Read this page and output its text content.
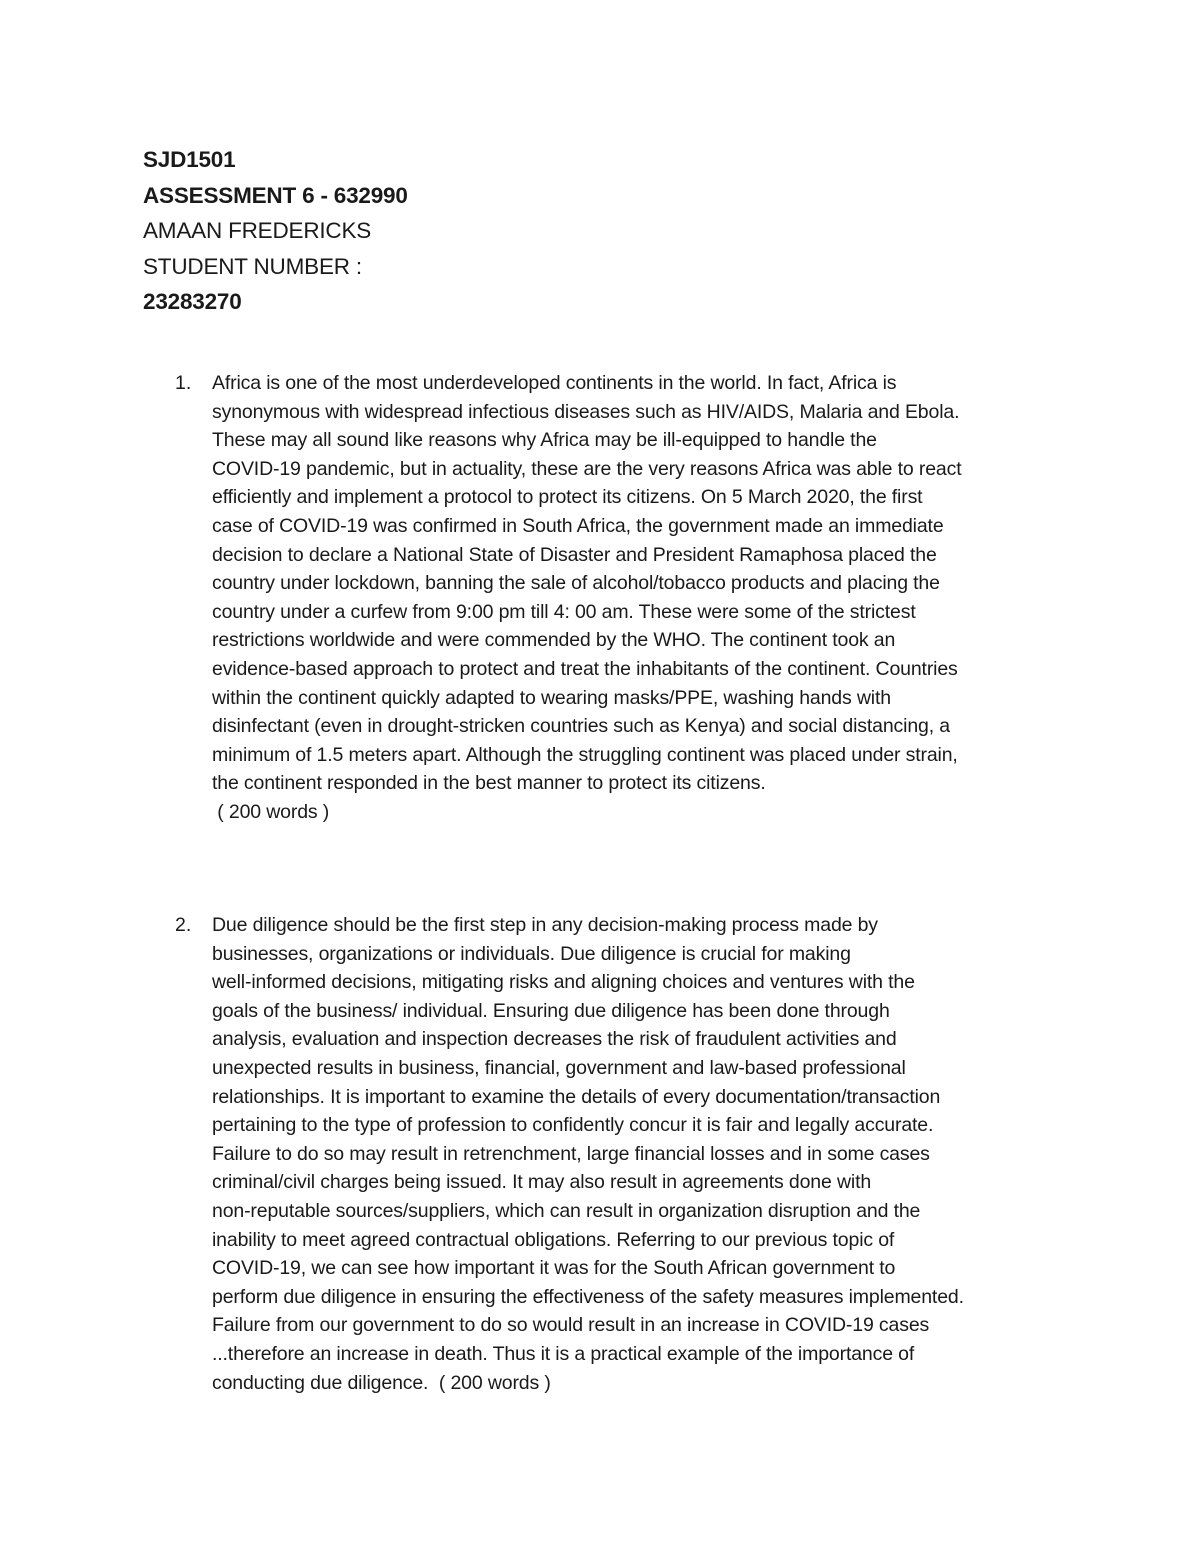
SJD1501
ASSESSMENT 6 - 632990
AMAAN FREDERICKS
STUDENT NUMBER :
23283270
1. Africa is one of the most underdeveloped continents in the world. In fact, Africa is
synonymous with widespread infectious diseases such as HIV/AIDS, Malaria and Ebola.
These may all sound like reasons why Africa may be ill-equipped to handle the
COVID-19 pandemic, but in actuality, these are the very reasons Africa was able to react
efficiently and implement a protocol to protect its citizens. On 5 March 2020, the first
case of COVID-19 was confirmed in South Africa, the government made an immediate
decision to declare a National State of Disaster and President Ramaphosa placed the
country under lockdown, banning the sale of alcohol/tobacco products and placing the
country under a curfew from 9:00 pm till 4: 00 am. These were some of the strictest
restrictions worldwide and were commended by the WHO. The continent took an
evidence-based approach to protect and treat the inhabitants of the continent. Countries
within the continent quickly adapted to wearing masks/PPE, washing hands with
disinfectant (even in drought-stricken countries such as Kenya) and social distancing, a
minimum of 1.5 meters apart. Although the struggling continent was placed under strain,
the continent responded in the best manner to protect its citizens.
( 200 words )
2. Due diligence should be the first step in any decision-making process made by
businesses, organizations or individuals. Due diligence is crucial for making
well-informed decisions, mitigating risks and aligning choices and ventures with the
goals of the business/ individual. Ensuring due diligence has been done through
analysis, evaluation and inspection decreases the risk of fraudulent activities and
unexpected results in business, financial, government and law-based professional
relationships. It is important to examine the details of every documentation/transaction
pertaining to the type of profession to confidently concur it is fair and legally accurate.
Failure to do so may result in retrenchment, large financial losses and in some cases
criminal/civil charges being issued. It may also result in agreements done with
non-reputable sources/suppliers, which can result in organization disruption and the
inability to meet agreed contractual obligations. Referring to our previous topic of
COVID-19, we can see how important it was for the South African government to
perform due diligence in ensuring the effectiveness of the safety measures implemented.
Failure from our government to do so would result in an increase in COVID-19 cases
...therefore an increase in death. Thus it is a practical example of the importance of
conducting due diligence.  ( 200 words )
